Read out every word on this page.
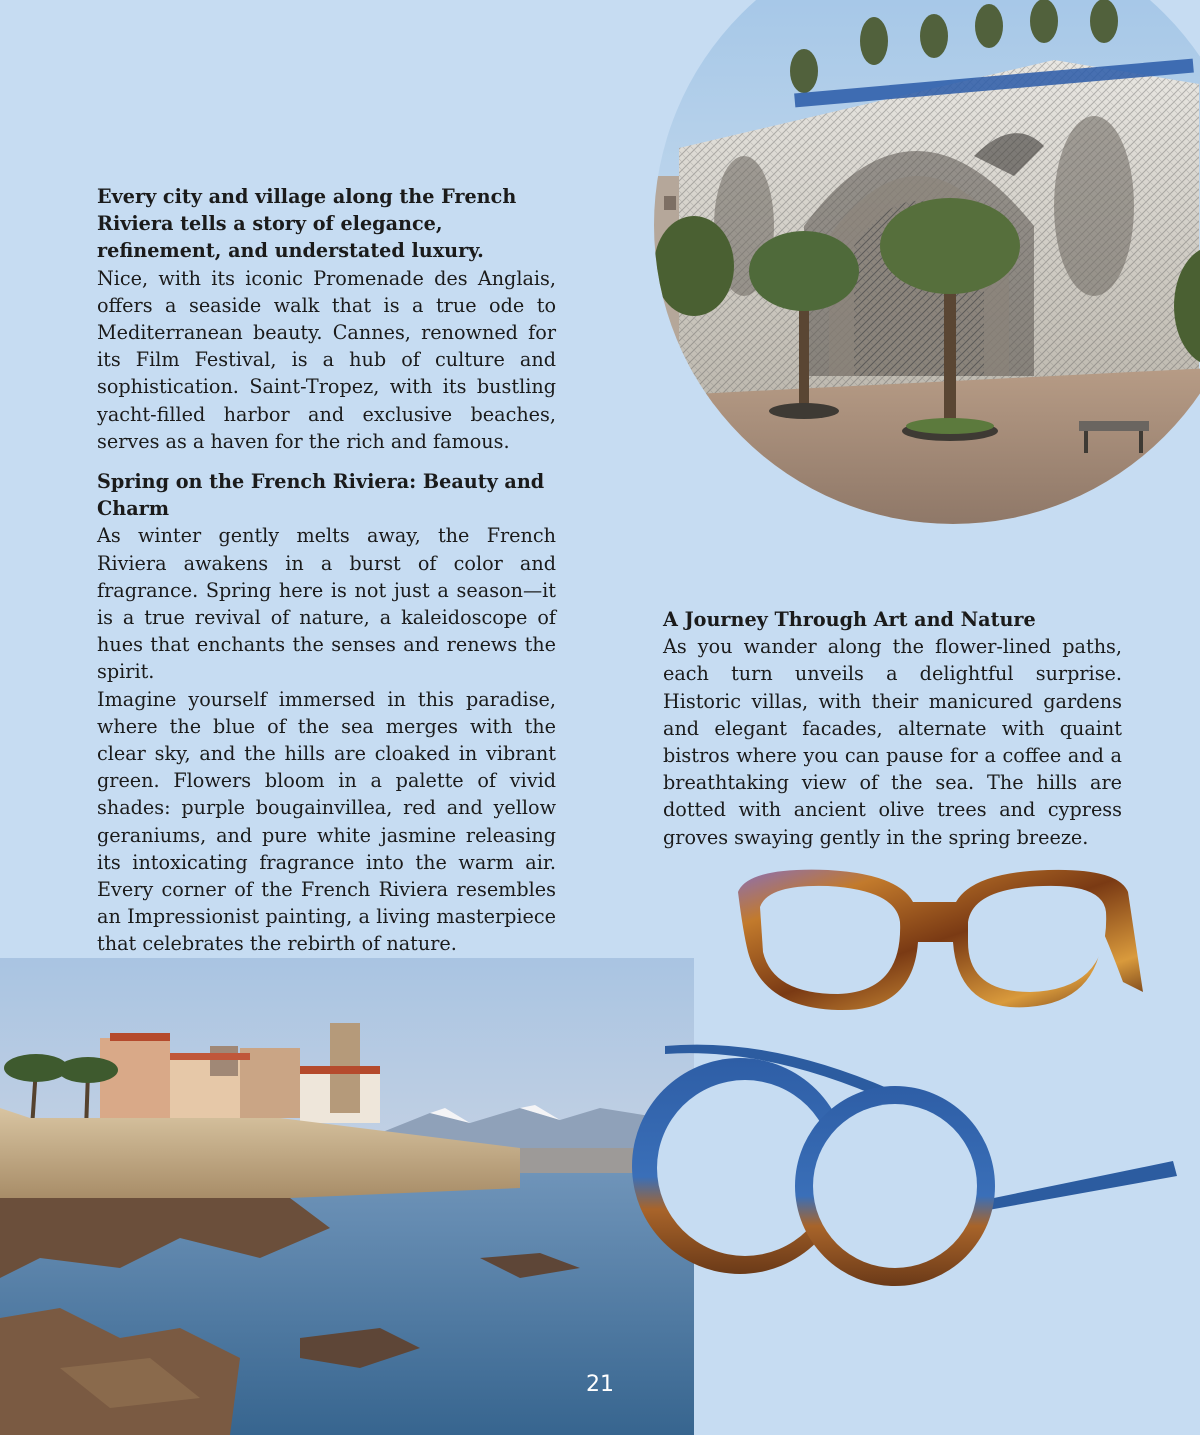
Every city and village along the French Riviera tells a story of elegance, refinement, and understated luxury.

Nice, with its iconic Promenade des Anglais, offers a seaside walk that is a true ode to Mediterranean beauty. Cannes, renowned for its Film Festival, is a hub of culture and sophistication. Saint-Tropez, with its bustling yacht-filled harbor and exclusive beaches, serves as a haven for the rich and famous.

Spring on the French Riviera: Beauty and Charm

As winter gently melts away, the French Riviera awakens in a burst of color and fragrance. Spring here is not just a season—it is a true revival of nature, a kaleidoscope of hues that enchants the senses and renews the spirit.

Imagine yourself immersed in this paradise, where the blue of the sea merges with the clear sky, and the hills are cloaked in vibrant green. Flowers bloom in a palette of vivid shades: purple bougainvillea, red and yellow geraniums, and pure white jasmine releasing its intoxicating fragrance into the warm air. Every corner of the French Riviera resembles an Impressionist painting, a living masterpiece that celebrates the rebirth of nature.

A Journey Through Art and Nature

As you wander along the flower-lined paths, each turn unveils a delightful surprise. Historic villas, with their manicured gardens and elegant facades, alternate with quaint bistros where you can pause for a coffee and a breathtaking view of the sea. The hills are dotted with ancient olive trees and cypress groves swaying gently in the spring breeze.

21
